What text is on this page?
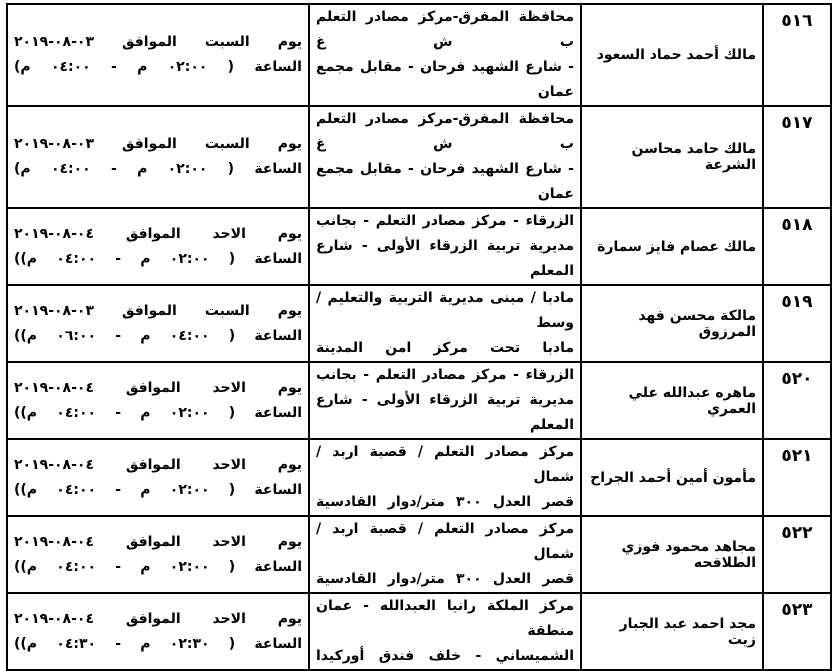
٥١٦	مالك أحمد حماد السعود	محافظة المفرق-مركز مصادر التعلم ب ش غ
- شارع الشهيد فرحان - مقابل مجمع عمان	يوم السبت الموافق ٠٣-٠٨-٢٠١٩
الساعة ( ٠٢:٠٠ م - ٠٤:٠٠ م)

٥١٧	مالك حامد محاسن الشرعة	محافظة المفرق-مركز مصادر التعلم ب ش غ
- شارع الشهيد فرحان - مقابل مجمع عمان	يوم السبت الموافق ٠٣-٠٨-٢٠١٩
الساعة ( ٠٢:٠٠ م - ٠٤:٠٠ م)

٥١٨	مالك عصام فايز سمارة	الزرقاء - مركز مصادر التعلم - بجانب
مديرية تربية الزرقاء الأولى - شارع المعلم	يوم الاحد الموافق ٠٤-٠٨-٢٠١٩
الساعة ( ٠٢:٠٠ م - ٠٤:٠٠ م))

٥١٩	مالكة محسن فهد المرزوق	مادبا / مبنى مديرية التربية والتعليم /وسط
مادبا تحت مركز امن المدينة	يوم السبت الموافق ٠٣-٠٨-٢٠١٩
الساعة ( ٠٤:٠٠ م - ٠٦:٠٠ م))

٥٢٠	ماهره عبدالله علي العمري	الزرقاء - مركز مصادر التعلم - بجانب
مديرية تربية الزرقاء الأولى - شارع المعلم	يوم الاحد الموافق ٠٤-٠٨-٢٠١٩
الساعة ( ٠٢:٠٠ م - ٠٤:٠٠ م))

٥٢١	مأمون أمين أحمد الجراح	مركز مصادر التعلم / قصبة اربد / شمال
قصر العدل ٣٠٠ متر/دوار القادسية	يوم الاحد الموافق ٠٤-٠٨-٢٠١٩
الساعة ( ٠٢:٠٠ م - ٠٤:٠٠ م))

٥٢٢	مجاهد محمود فوزي الطلافحه	مركز مصادر التعلم / قصبة اربد / شمال
قصر العدل ٣٠٠ متر/دوار القادسية	يوم الاحد الموافق ٠٤-٠٨-٢٠١٩
الساعة ( ٠٢:٠٠ م - ٠٤:٠٠ م))

٥٢٣	مجد احمد عبد الجبار زيت	مركز الملكة رانيا العبدالله - عمان منطقة
الشميساني - خلف فندق أوركيدا	يوم الاحد الموافق ٠٤-٠٨-٢٠١٩
الساعة ( ٠٢:٣٠ م - ٠٤:٣٠ م))
